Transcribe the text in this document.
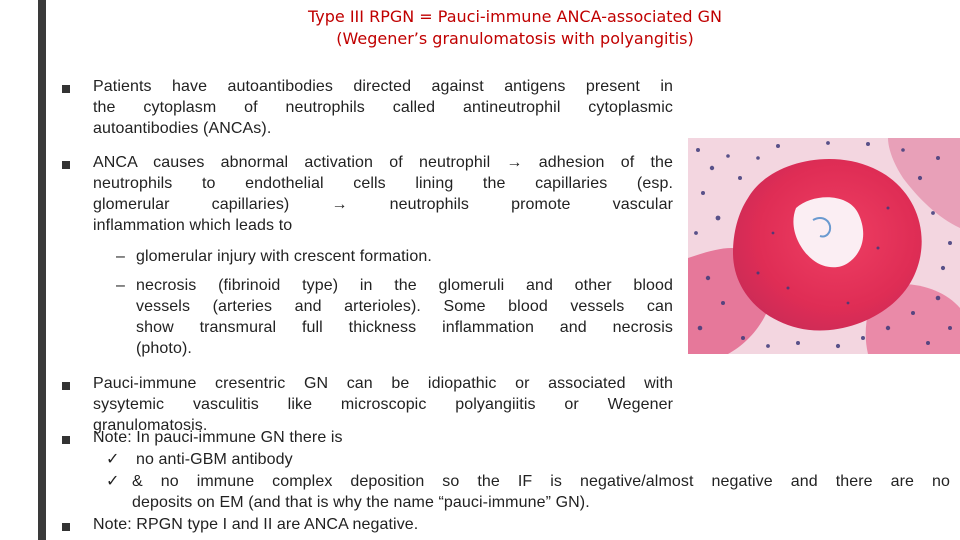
Type III RPGN = Pauci-immune ANCA-associated GN
(Wegener’s granulomatosis with polyangitis)
Patients have autoantibodies directed against antigens present in
the cytoplasm of neutrophils called antineutrophil cytoplasmic
autoantibodies (ANCAs).
ANCA causes abnormal activation of neutrophil → adhesion of the
neutrophils to endothelial cells lining the capillaries (esp.
glomerular capillaries) → neutrophils promote vascular
inflammation which leads to
– glomerular injury with crescent formation.
– necrosis (fibrinoid type) in the glomeruli and other blood
vessels (arteries and arterioles). Some blood vessels can
show transmural full thickness inflammation and necrosis
(photo).
Pauci-immune cresentric GN can be idiopathic or associated with
sysytemic vasculitis like microscopic polyangiitis or Wegener
granulomatosis.
Note: In pauci-immune GN there is
✓ no anti-GBM antibody
✓ & no immune complex deposition so the IF is negative/almost negative and there are no
deposits on EM (and that is why the name “pauci-immune” GN).
Note: RPGN type I and II are ANCA negative.
